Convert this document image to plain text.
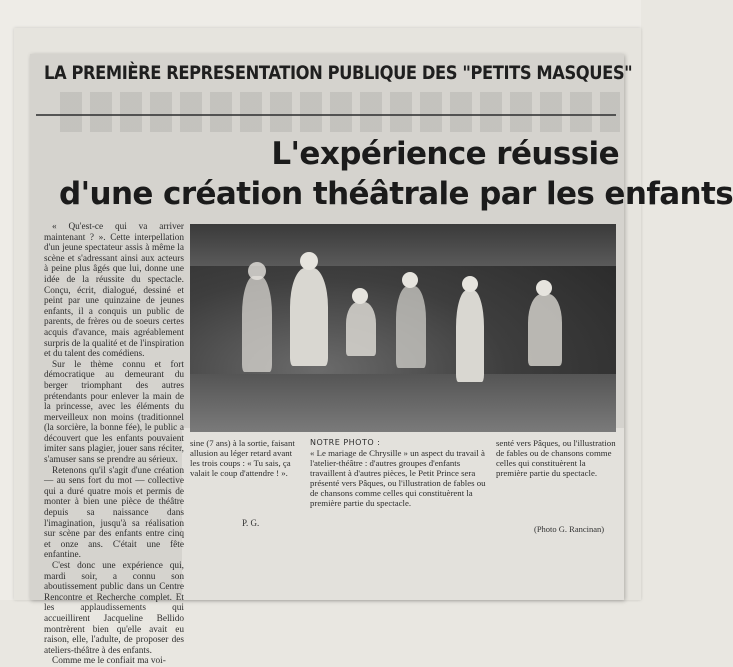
LA PREMIÈRE REPRESENTATION PUBLIQUE DES "PETITS MASQUES"
L'expérience réussie
d'une création théâtrale par les enfants

« Qu'est-ce qui va arriver maintenant ? ». Cette interpellation d'un jeune spectateur assis à même la scène et s'adressant ainsi aux acteurs à peine plus âgés que lui, donne une idée de la réussite du spectacle. Conçu, écrit, dialogué, dessiné et peint par une quinzaine de jeunes enfants, il a conquis un public de parents, de frères ou de soeurs certes acquis d'avance, mais agréablement surpris de la qualité et de l'inspiration et du talent des comédiens.

Sur le thème connu et fort démocratique au demeurant du berger triomphant des autres prétendants pour enlever la main de la princesse, avec les éléments du merveilleux non moins (traditionnel (la sorcière, la bonne fée), le public a découvert que les enfants pouvaient imiter sans plagier, jouer sans réciter, s'amuser sans se prendre au sérieux.

Retenons qu'il s'agit d'une création — au sens fort du mot — collective qui a duré quatre mois et permis de monter à bien une pièce de théâtre depuis sa naissance dans l'imagination, jusqu'à sa réalisation sur scène par des enfants entre cinq et onze ans. C'était une fête enfantine.

C'est donc une expérience qui, mardi soir, a connu son aboutissement public dans un Centre Rencontre et Recherche complet. Et les applaudissements qui accueillirent Jacqueline Bellido montrèrent bien qu'elle avait eu raison, elle, l'adulte, de proposer des ateliers-théâtre à des enfants.

Comme me le confiait ma voi-

sine (7 ans) à la sortie, faisant allusion au léger retard avant les trois coups : « Tu sais, ça valait le coup d'attendre ! ».
P. G.
NOTRE PHOTO :
« Le mariage de Chrysille » un aspect du travail à l'atelier-théâtre : d'autres groupes d'enfants travaillent à d'autres pièces, le Petit Prince sera présenté vers Pâques, ou l'illustration de fables ou de chansons comme celles qui constituèrent la première partie du spectacle.
senté vers Pâques, ou l'illustration de fables ou de chansons comme celles qui constituèrent la première partie du spectacle.
(Photo G. Rancinan)
